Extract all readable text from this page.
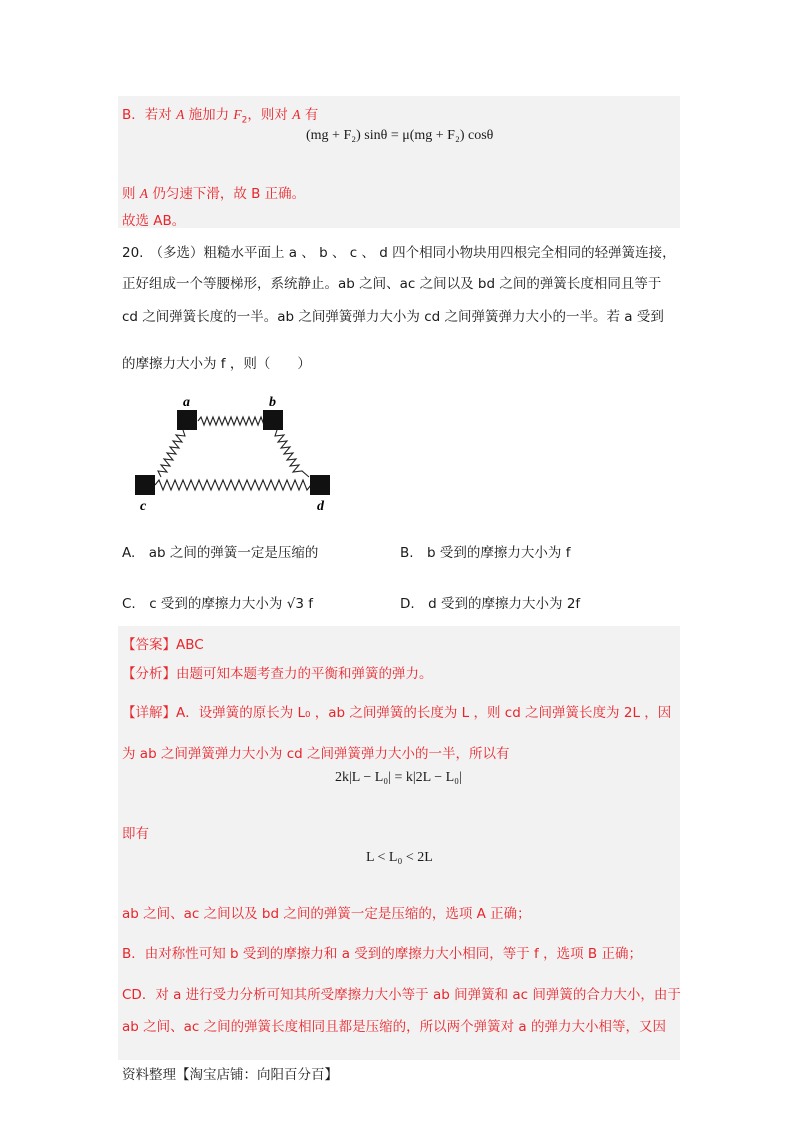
B．若对 A 施加力 $F_2$，则对 A 有
(mg + F₂) sinθ = μ(mg + F₂) cosθ
则 A 仍匀速下滑，故 B 正确。
故选 AB。
20. （多选）粗糙水平面上 a 、 b 、 c 、 d 四个相同小物块用四根完全相同的轻弹簧连接，
正好组成一个等腰梯形，系统静止。ab 之间、ac 之间以及 bd 之间的弹簧长度相同且等于
cd 之间弹簧长度的一半。ab 之间弹簧弹力大小为 cd 之间弹簧弹力大小的一半。若 a 受到
的摩擦力大小为 f ，则（　　）
a	b
c	d
A.　ab 之间的弹簧一定是压缩的	B.　b 受到的摩擦力大小为 f
C.　c 受到的摩擦力大小为 √3 f	D.　d 受到的摩擦力大小为 2f
【答案】ABC
【分析】由题可知本题考查力的平衡和弹簧的弹力。
【详解】A．设弹簧的原长为 L₀ ，ab 之间弹簧的长度为 L ，则 cd 之间弹簧长度为 2L ，因
为 ab 之间弹簧弹力大小为 cd 之间弹簧弹力大小的一半，所以有
2k|L − L₀| = k|2L − L₀|
即有
L < L₀ < 2L
ab 之间、ac 之间以及 bd 之间的弹簧一定是压缩的，选项 A 正确；
B．由对称性可知 b 受到的摩擦力和 a 受到的摩擦力大小相同，等于 f ，选项 B 正确；
CD．对 a 进行受力分析可知其所受摩擦力大小等于 ab 间弹簧和 ac 间弹簧的合力大小，由于
ab 之间、ac 之间的弹簧长度相同且都是压缩的，所以两个弹簧对 a 的弹力大小相等，又因
资料整理【淘宝店铺：向阳百分百】
